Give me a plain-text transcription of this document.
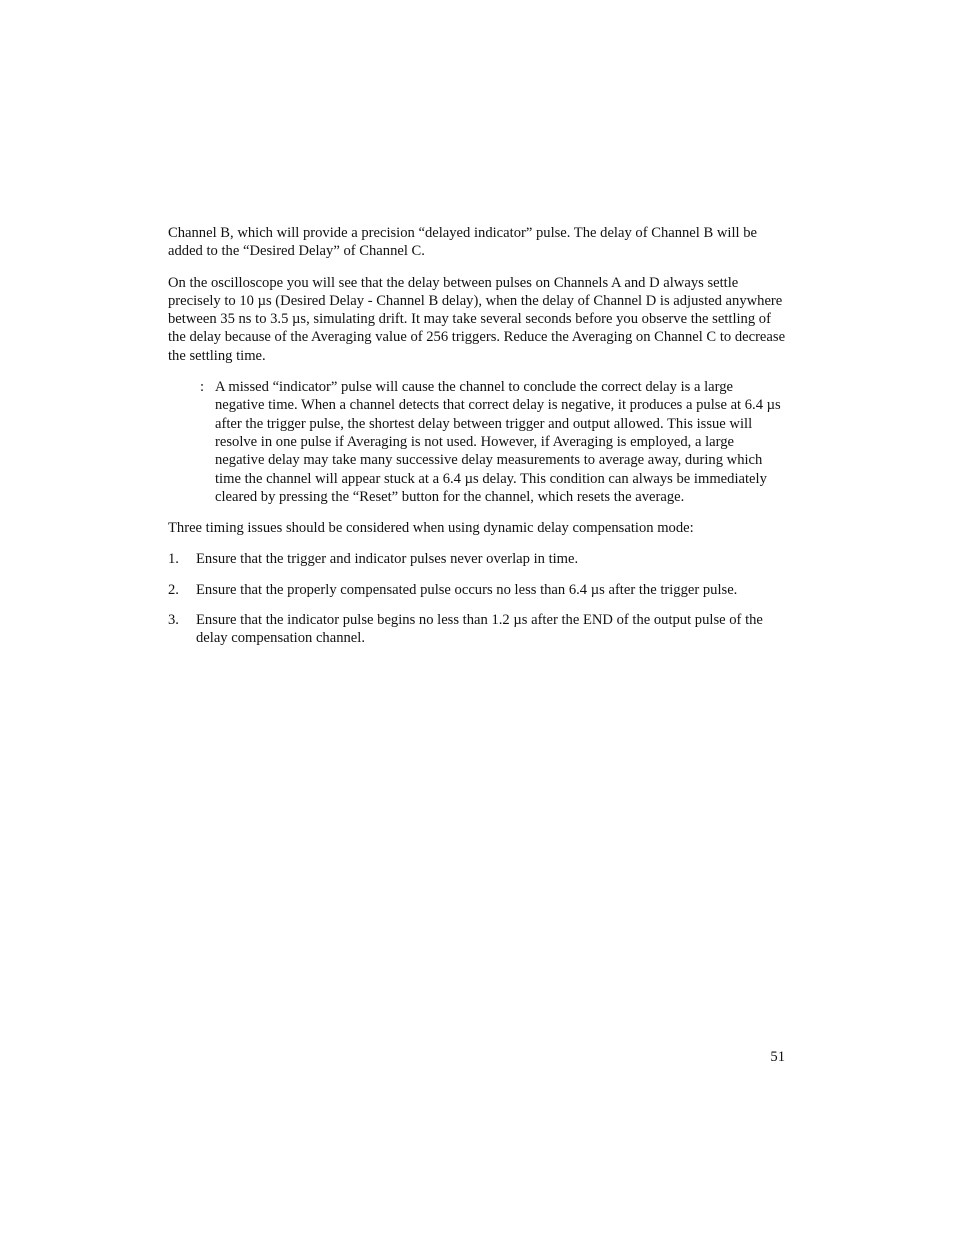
Channel B, which will provide a precision “delayed indicator” pulse. The delay of Channel B will be added to the “Desired Delay” of Channel C.

On the oscilloscope you will see that the delay between pulses on Channels A and D always settle precisely to 10 µs (Desired Delay - Channel B delay), when the delay of Channel D is adjusted anywhere between 35 ns to 3.5 µs, simulating drift. It may take several seconds before you observe the settling of the delay because of the Averaging value of 256 triggers. Reduce the Averaging on Channel C to decrease the settling time.

: A missed “indicator” pulse will cause the channel to conclude the correct delay is a large negative time. When a channel detects that correct delay is negative, it produces a pulse at 6.4 µs after the trigger pulse, the shortest delay between trigger and output allowed. This issue will resolve in one pulse if Averaging is not used. However, if Averaging is employed, a large negative delay may take many successive delay measurements to average away, during which time the channel will appear stuck at a 6.4 µs delay. This condition can always be immediately cleared by pressing the “Reset” button for the channel, which resets the average.

Three timing issues should be considered when using dynamic delay compensation mode:

1. Ensure that the trigger and indicator pulses never overlap in time.
2. Ensure that the properly compensated pulse occurs no less than 6.4 µs after the trigger pulse.
3. Ensure that the indicator pulse begins no less than 1.2 µs after the END of the output pulse of the delay compensation channel.
51
